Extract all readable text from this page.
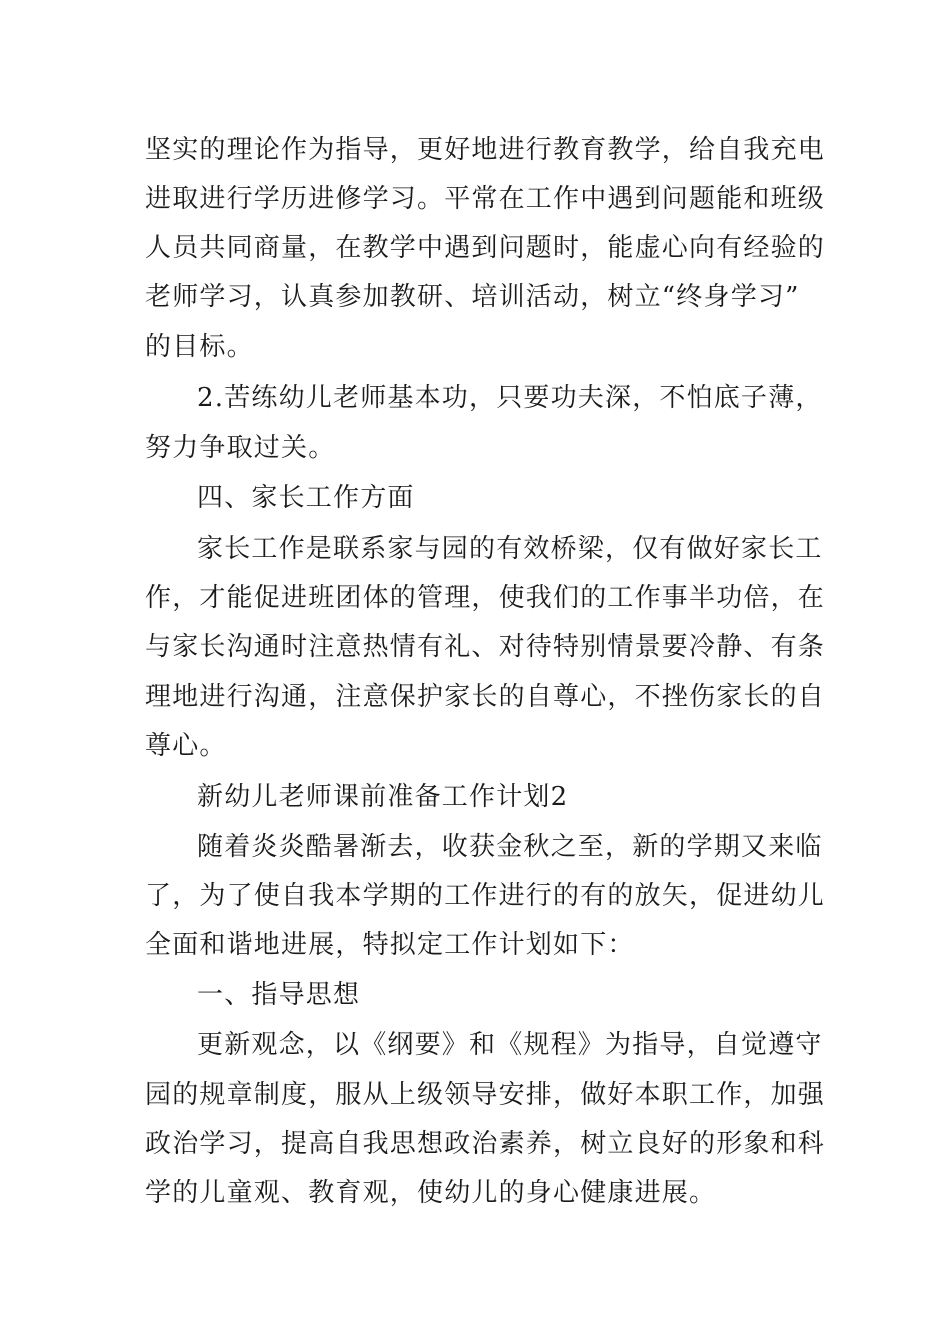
坚实的理论作为指导，更好地进行教育教学，给自我充电
进取进行学历进修学习。平常在工作中遇到问题能和班级
人员共同商量，在教学中遇到问题时，能虚心向有经验的
老师学习，认真参加教研、培训活动，树立“终身学习”
的目标。
2.苦练幼儿老师基本功，只要功夫深，不怕底子薄，
努力争取过关。
四、家长工作方面
家长工作是联系家与园的有效桥梁，仅有做好家长工
作，才能促进班团体的管理，使我们的工作事半功倍，在
与家长沟通时注意热情有礼、对待特别情景要冷静、有条
理地进行沟通，注意保护家长的自尊心，不挫伤家长的自
尊心。
新幼儿老师课前准备工作计划2
随着炎炎酷暑渐去，收获金秋之至，新的学期又来临
了，为了使自我本学期的工作进行的有的放矢，促进幼儿
全面和谐地进展，特拟定工作计划如下：
一、指导思想
更新观念，以《纲要》和《规程》为指导，自觉遵守
园的规章制度，服从上级领导安排，做好本职工作，加强
政治学习，提高自我思想政治素养，树立良好的形象和科
学的儿童观、教育观，使幼儿的身心健康进展。
